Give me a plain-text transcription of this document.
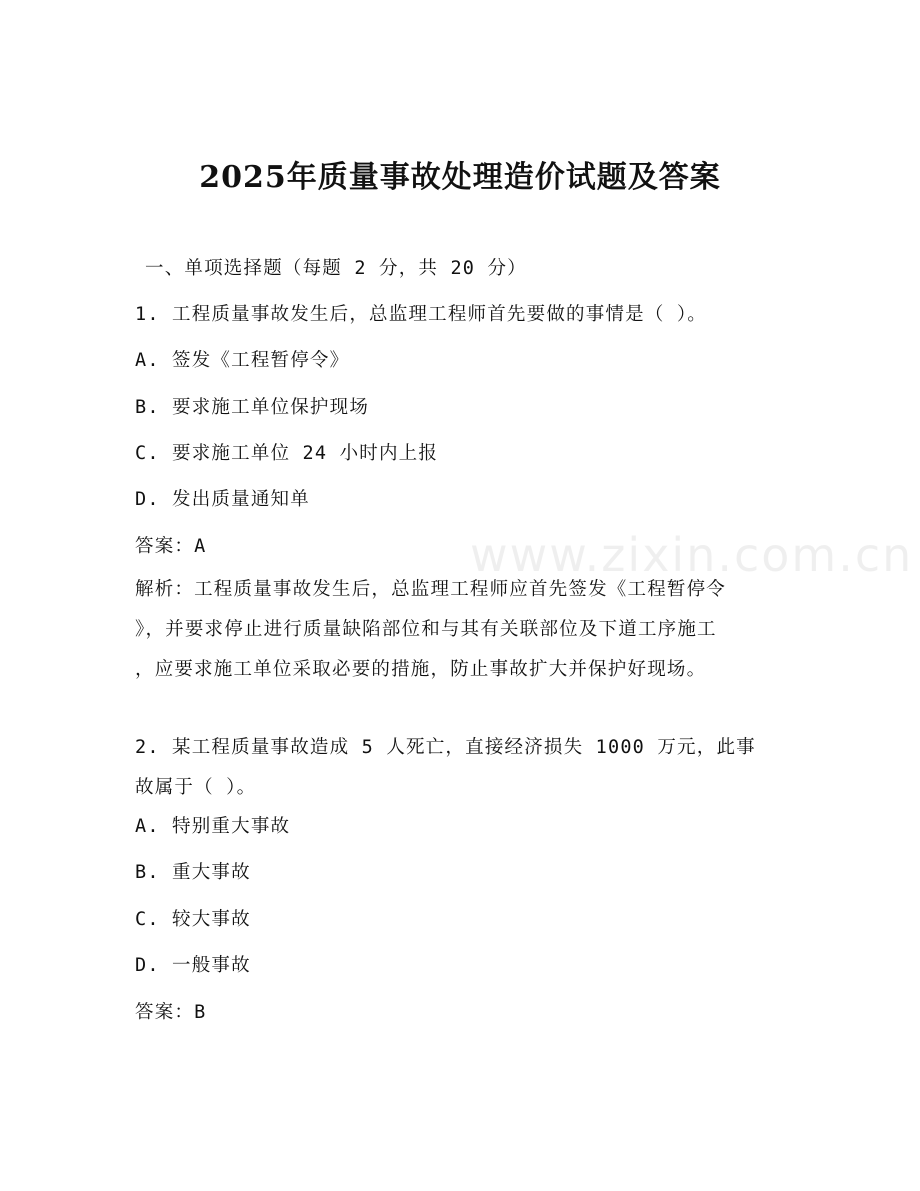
www.zixin.com.cn
2025年质量事故处理造价试题及答案
一、单项选择题（每题 2 分，共 20 分）
1. 工程质量事故发生后，总监理工程师首先要做的事情是（ ）。
A. 签发《工程暂停令》
B. 要求施工单位保护现场
C. 要求施工单位 24 小时内上报
D. 发出质量通知单
答案：A
解析：工程质量事故发生后，总监理工程师应首先签发《工程暂停令
》，并要求停止进行质量缺陷部位和与其有关联部位及下道工序施工
，应要求施工单位采取必要的措施，防止事故扩大并保护好现场。
2. 某工程质量事故造成 5 人死亡，直接经济损失 1000 万元，此事
故属于（ ）。
A. 特别重大事故
B. 重大事故
C. 较大事故
D. 一般事故
答案：B
